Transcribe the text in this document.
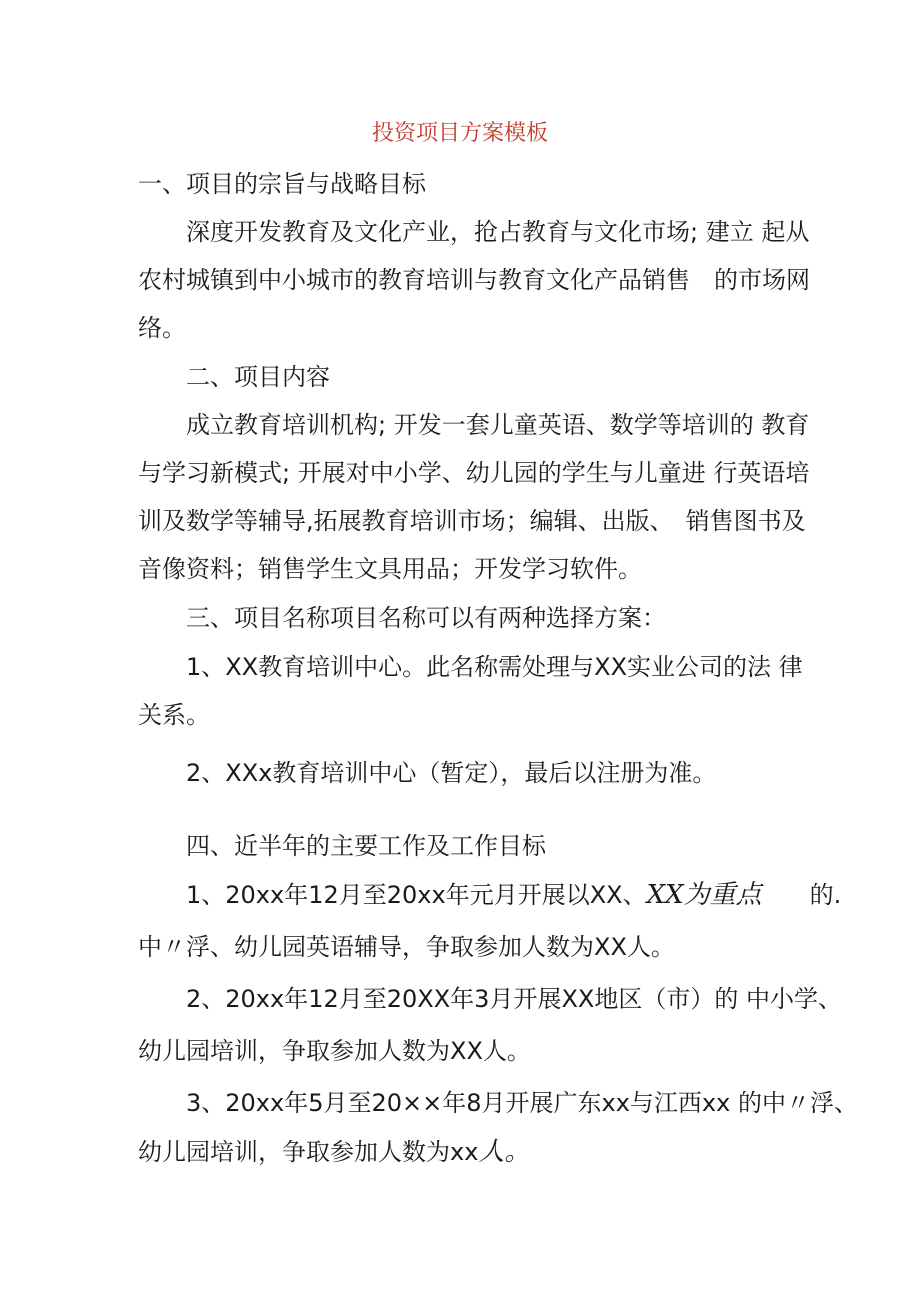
投资项目方案模板
一、项目的宗旨与战略目标
深度开发教育及文化产业，抢占教育与文化市场; 建立 起从
农村城镇到中小城市的教育培训与教育文化产品销售　的市场网
络。
二、项目内容
成立教育培训机构; 开发一套儿童英语、数学等培训的 教育
与学习新模式; 开展对中小学、幼儿园的学生与儿童进 行英语培
训及数学等辅导,拓展教育培训市场；编辑、出版、　销售图书及
音像资料；销售学生文具用品；开发学习软件。
三、项目名称项目名称可以有两种选择方案：
1、XX教育培训中心。此名称需处理与XX实业公司的法 律
关系。
2、XXx教育培训中心（暂定），最后以注册为准。
四、近半年的主要工作及工作目标
1、20xx年12月至20xx年元月开展以XX、XX为重点 的.
中〃浮、幼儿园英语辅导，争取参加人数为XX人。
2、20xx年12月至20XX年3月开展XX地区（市）的 中小学、
幼儿园培训，争取参加人数为XX人。
3、20xx年5月至20××年8月开展广东xx与江西xx 的中〃浮、
幼儿园培训，争取参加人数为xx人。
